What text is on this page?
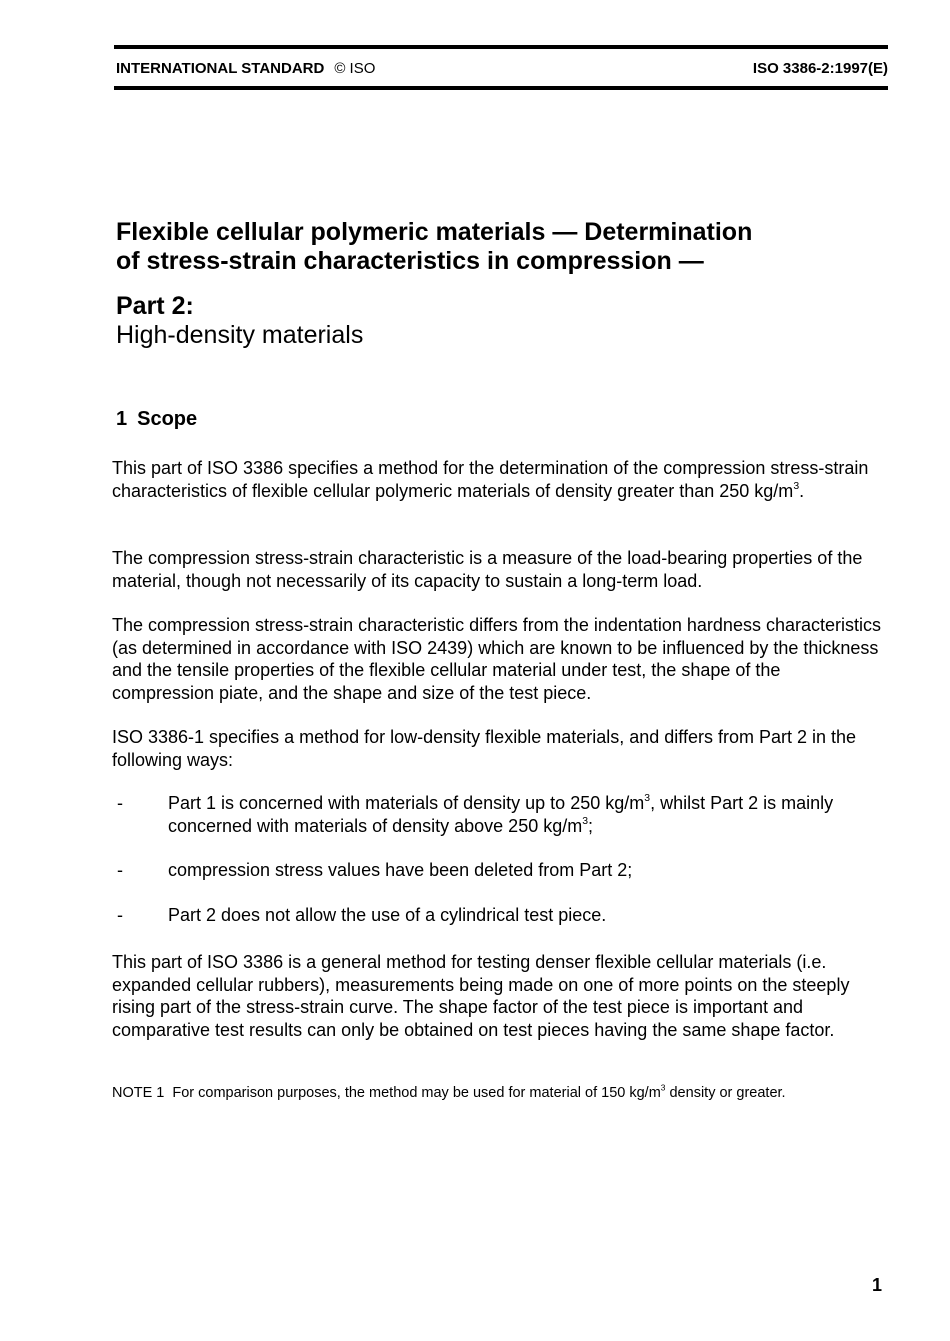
INTERNATIONAL STANDARD © ISO	ISO 3386-2:1997(E)
Flexible cellular polymeric materials — Determination
of stress-strain characteristics in compression —
Part 2:
High-density materials
1 Scope

This part of ISO 3386 specifies a method for the determination of the compression stress-strain characteristics of flexible cellular polymeric materials of density greater than 250 $kg/m^3$.

The compression stress-strain characteristic is a measure of the load-bearing properties of the material, though not necessarily of its capacity to sustain a long-term load.

The compression stress-strain characteristic differs from the indentation hardness characteristics (as determined in accordance with ISO 2439) which are known to be influenced by the thickness and the tensile properties of the flexible cellular material under test, the shape of the compression piate, and the shape and size of the test piece.

ISO 3386-1 specifies a method for low-density flexible materials, and differs from Part 2 in the following ways:

-	Part 1 is concerned with materials of density up to 250 $kg/m^3$, whilst Part 2 is mainly concerned with materials of density above 250 $kg/m^3$;
-	compression stress values have been deleted from Part 2;
-	Part 2 does not allow the use of a cylindrical test piece.

This part of ISO 3386 is a general method for testing denser flexible cellular materials (i.e. expanded cellular rubbers), measurements being made on one of more points on the steeply rising part of the stress-strain curve. The shape factor of the test piece is important and comparative test results can only be obtained on test pieces having the same shape factor.

NOTE 1 For comparison purposes, the method may be used for material of 150 $kg/m^3$ density or greater.

1
